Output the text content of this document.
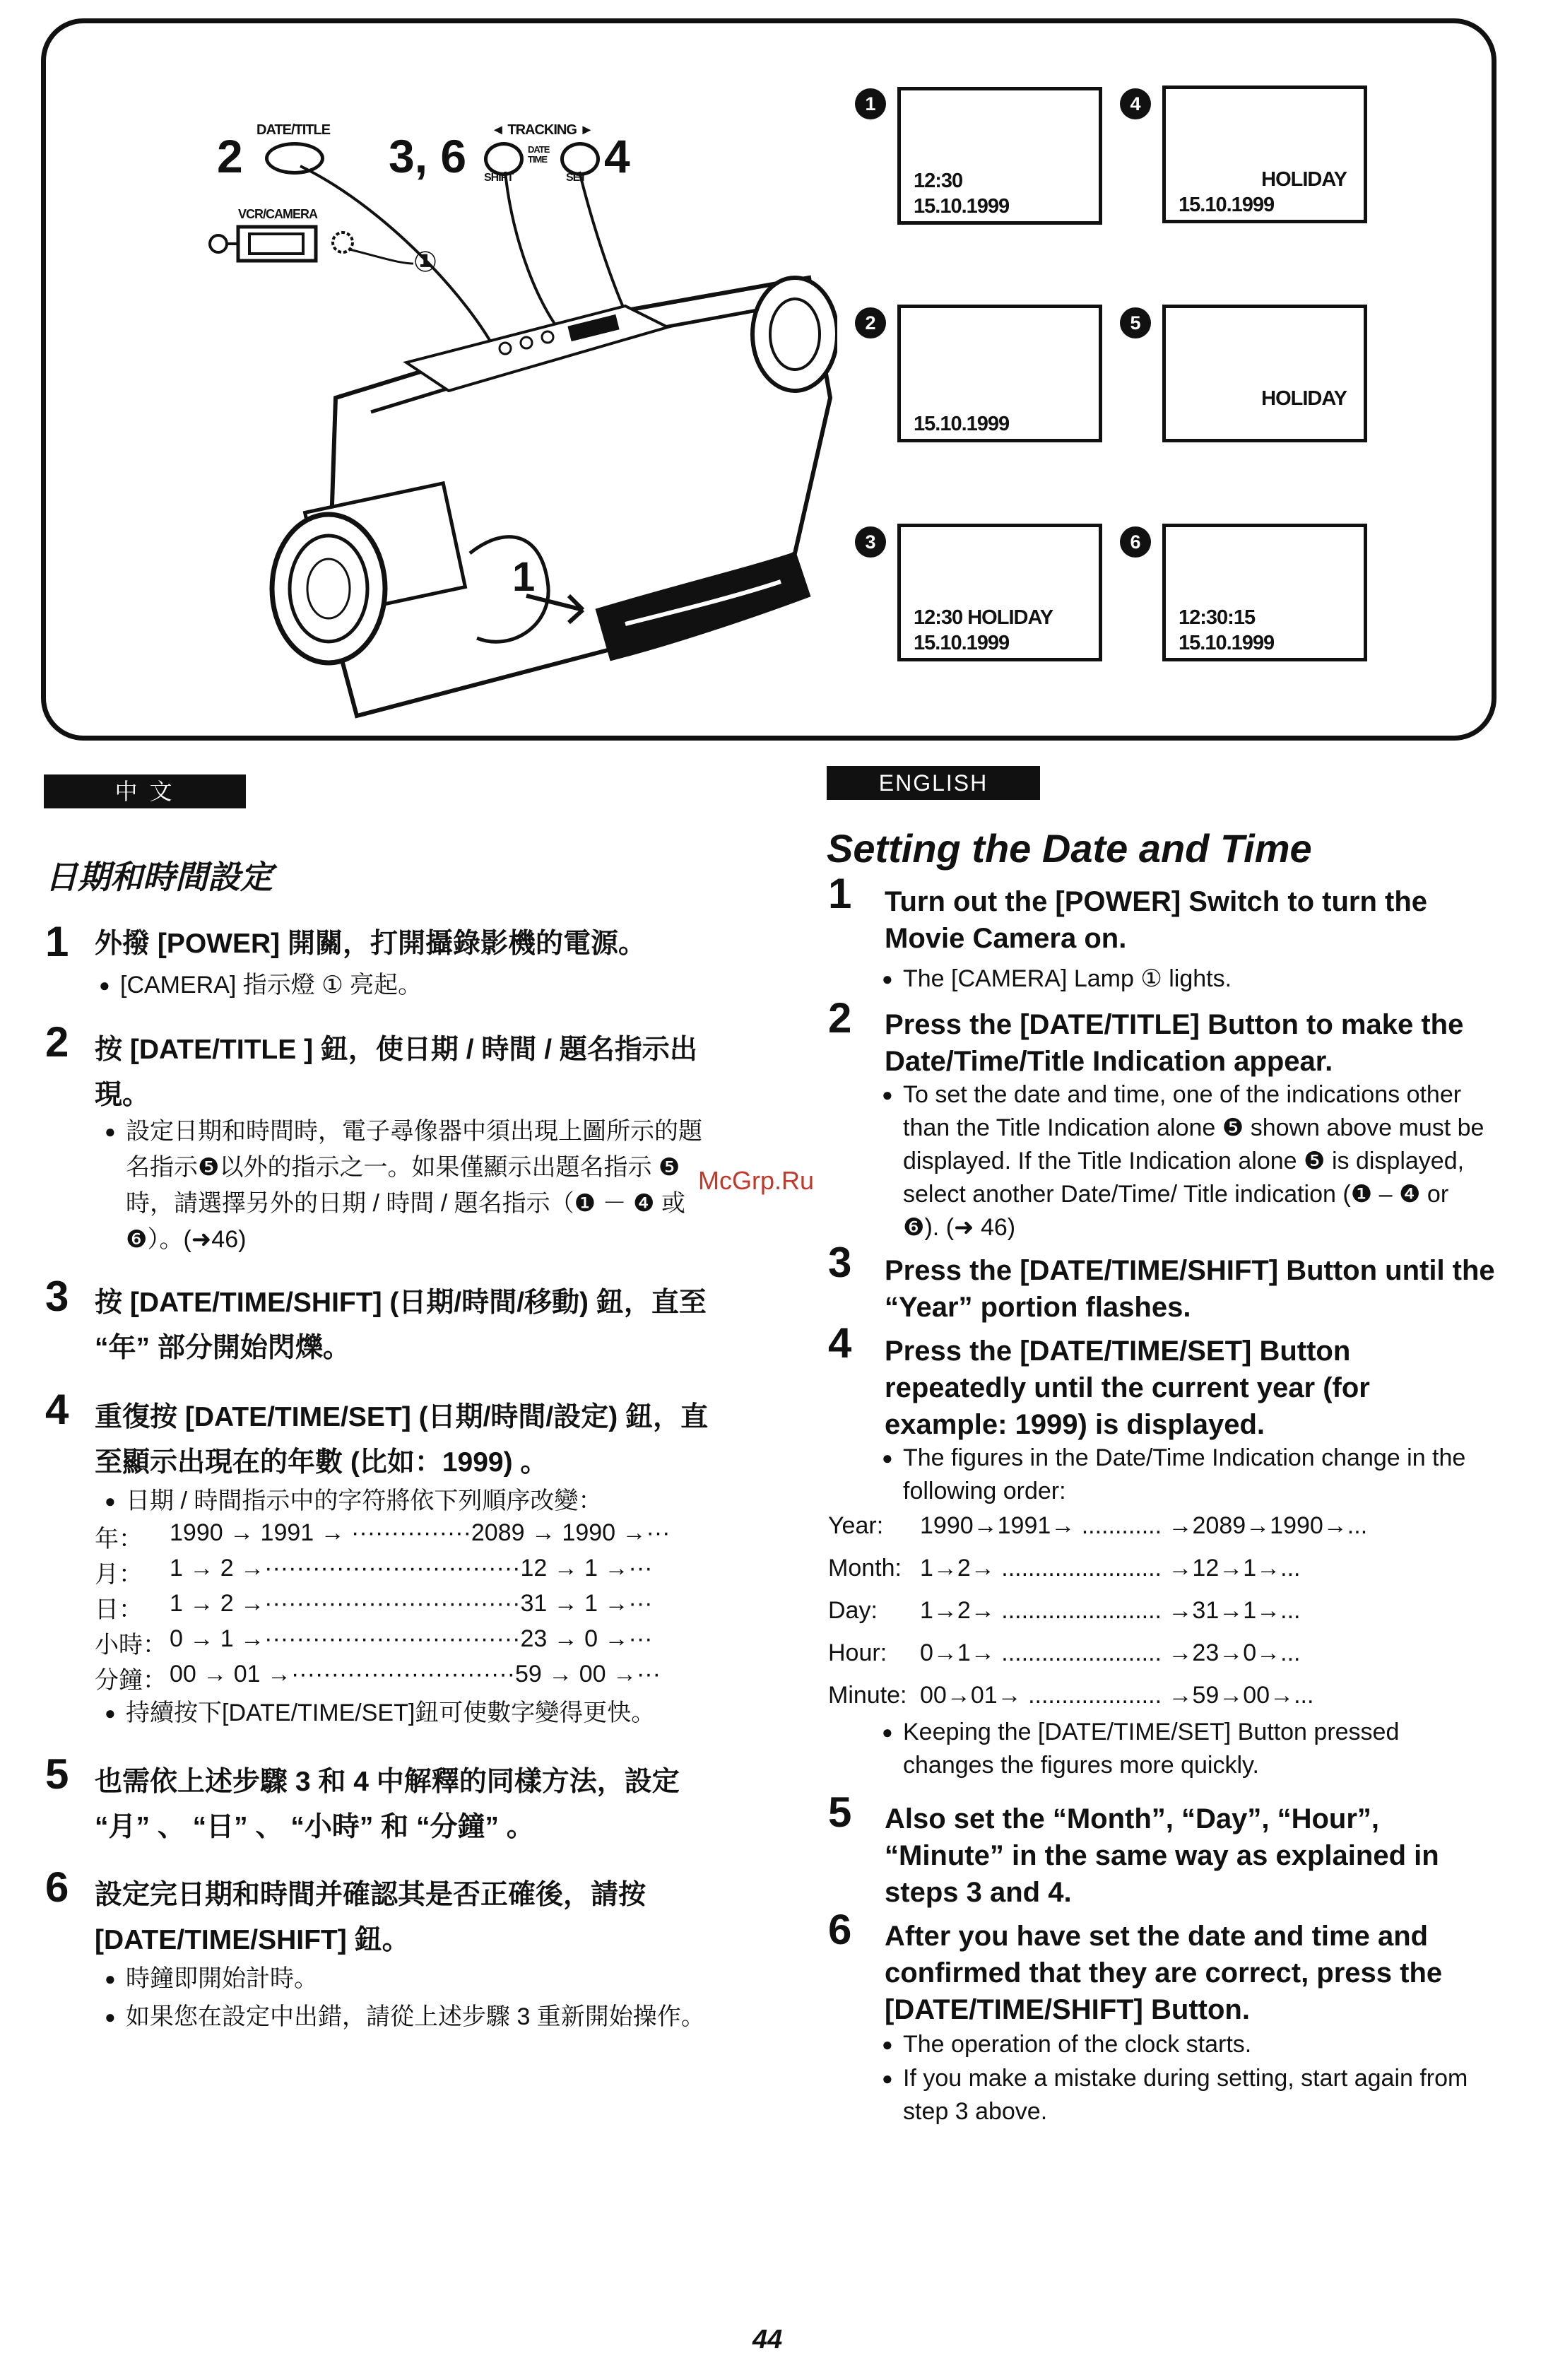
2 DATE/TITLE 3, 6 ◄ TRACKING ►
SHIFT
DATE TIME
SET 4
VCR/CAMERA
①
1
1
12:30
15.10.1999
2
15.10.1999
3
12:30 HOLIDAY
15.10.1999
4
HOLIDAY
15.10.1999
5
HOLIDAY
6
12:30:15
15.10.1999
中 文
日期和時間設定
1 外撥 [POWER] 開關，打開攝錄影機的電源。
● [CAMERA] 指示燈 ① 亮起。
2 按 [DATE/TITLE ] 鈕，使日期 / 時間 / 題名指示出現。
● 設定日期和時間時，電子尋像器中須出現上圖所示的題名指示❺以外的指示之一。如果僅顯示出題名指示 ❺ 時，請選擇另外的日期 / 時間 / 題名指示（❶ － ❹ 或 ❻）。(➜46)
3 按 [DATE/TIME/SHIFT] (日期/時間/移動) 鈕，直至 “年” 部分開始閃爍。
4 重復按 [DATE/TIME/SET] (日期/時間/設定) 鈕，直至顯示出現在的年數 (比如：1999) 。
● 日期 / 時間指示中的字符將依下列順序改變：
年： 1990 → 1991 → ···············2089 → 1990 →···
月： 1 → 2 →································12 → 1 →···
日： 1 → 2 →································31 → 1 →···
小時： 0 → 1 →································23 → 0 →···
分鐘： 00 → 01 →····························59 → 00 →···
● 持續按下[DATE/TIME/SET]鈕可使數字變得更快。
5 也需依上述步驟 3 和 4 中解釋的同樣方法，設定 “月” 、 “日” 、 “小時” 和 “分鐘” 。
6 設定完日期和時間并確認其是否正確後，請按 [DATE/TIME/SHIFT] 鈕。
● 時鐘即開始計時。
● 如果您在設定中出錯，請從上述步驟 3 重新開始操作。
ENGLISH
Setting the Date and Time
1 Turn out the [POWER] Switch to turn the Movie Camera on.
● The [CAMERA] Lamp ① lights.
2 Press the [DATE/TITLE] Button to make the Date/Time/Title Indication appear.
● To set the date and time, one of the indications other than the Title Indication alone ❺ shown above must be displayed. If the Title Indication alone ❺ is displayed, select another Date/Time/ Title indication (❶ – ❹ or ❻). (➜ 46)
3 Press the [DATE/TIME/SHIFT] Button until the “Year” portion flashes.
4 Press the [DATE/TIME/SET] Button repeatedly until the current year (for example: 1999) is displayed.
● The figures in the Date/Time Indication change in the following order:
Year: 1990→1991→ ............ →2089→1990→...
Month: 1→2→ ........................ →12→1→...
Day: 1→2→ ........................ →31→1→...
Hour: 0→1→ ........................ →23→0→...
Minute: 00→01→ .................... →59→00→...
● Keeping the [DATE/TIME/SET] Button pressed changes the figures more quickly.
5 Also set the “Month”, “Day”, “Hour”, “Minute” in the same way as explained in steps 3 and 4.
6 After you have set the date and time and confirmed that they are correct, press the [DATE/TIME/SHIFT] Button.
● The operation of the clock starts.
● If you make a mistake during setting, start again from step 3 above.
McGrp.Ru
44
